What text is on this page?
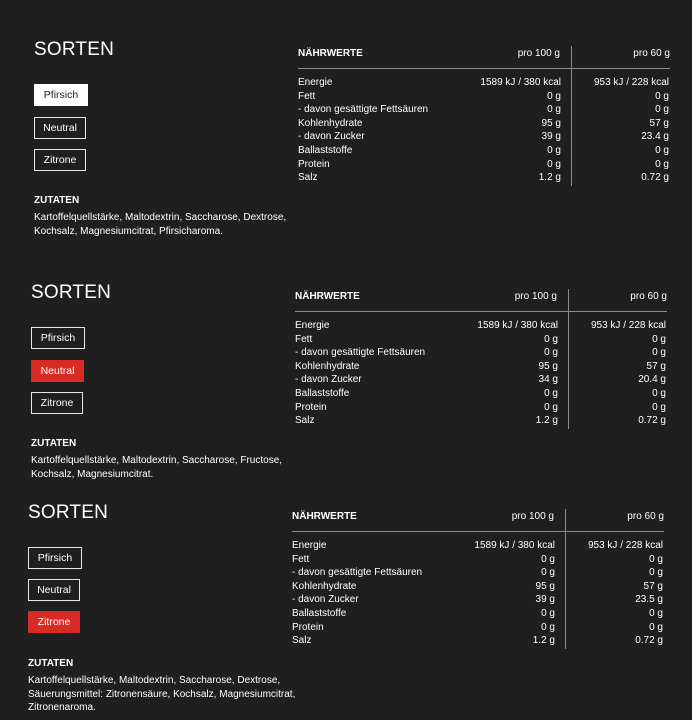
SORTEN
Pfirsich
Neutral
Zitrone
ZUTATEN
Kartoffelquellstärke, Maltodextrin, Saccharose, Dextrose, Kochsalz, Magnesiumcitrat, Pfirsicharoma.
NÄHRWERTE	pro 100 g	pro 60 g
Energie	1589 kJ / 380 kcal	953 kJ / 228 kcal
Fett	0 g	0 g
- davon gesättigte Fettsäuren	0 g	0 g
Kohlenhydrate	95 g	57 g
- davon Zucker	39 g	23.4 g
Ballaststoffe	0 g	0 g
Protein	0 g	0 g
Salz	1.2 g	0.72 g
SORTEN
Pfirsich
Neutral
Zitrone
ZUTATEN
Kartoffelquellstärke, Maltodextrin, Saccharose, Fructose, Kochsalz, Magnesiumcitrat.
NÄHRWERTE	pro 100 g	pro 60 g
Energie	1589 kJ / 380 kcal	953 kJ / 228 kcal
Fett	0 g	0 g
- davon gesättigte Fettsäuren	0 g	0 g
Kohlenhydrate	95 g	57 g
- davon Zucker	34 g	20.4 g
Ballaststoffe	0 g	0 g
Protein	0 g	0 g
Salz	1.2 g	0.72 g
SORTEN
Pfirsich
Neutral
Zitrone
ZUTATEN
Kartoffelquellstärke, Maltodextrin, Saccharose, Dextrose, Säuerungsmittel: Zitronensäure, Kochsalz, Magnesiumcitrat, Zitronenaroma.
NÄHRWERTE	pro 100 g	pro 60 g
Energie	1589 kJ / 380 kcal	953 kJ / 228 kcal
Fett	0 g	0 g
- davon gesättigte Fettsäuren	0 g	0 g
Kohlenhydrate	95 g	57 g
- davon Zucker	39 g	23.5 g
Ballaststoffe	0 g	0 g
Protein	0 g	0 g
Salz	1.2 g	0.72 g
